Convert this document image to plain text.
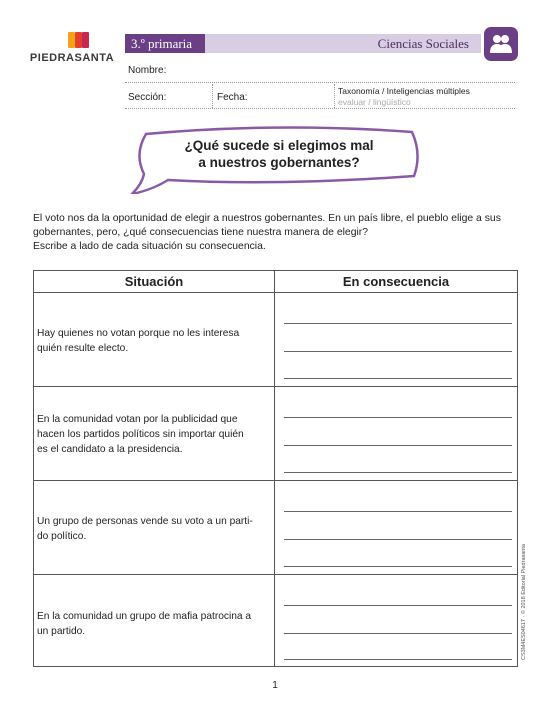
PIEDRASANTA
3.º primaria	Ciencias Sociales
Nombre:
Sección:	Fecha:
Taxonomía / Inteligencias múltiples
evaluar / lingüístico
¿Qué sucede si elegimos mal
a nuestros gobernantes?
El voto nos da la oportunidad de elegir a nuestros gobernantes. En un país libre, el pueblo elige a sus
gobernantes, pero, ¿qué consecuencias tiene nuestra manera de elegir?
Escribe a lado de cada situación su consecuencia.
Situación	En consecuencia
Hay quienes no votan porque no les interesa
quién resulte electo.
En la comunidad votan por la publicidad que
hacen los partidos políticos sin importar quién
es el candidato a la presidencia.
Un grupo de personas vende su voto a un parti-
do político.
En la comunidad un grupo de mafia patrocina a
un partido.	CS3M4ES04617 · © 2018 Editorial Piedrasanta
1
